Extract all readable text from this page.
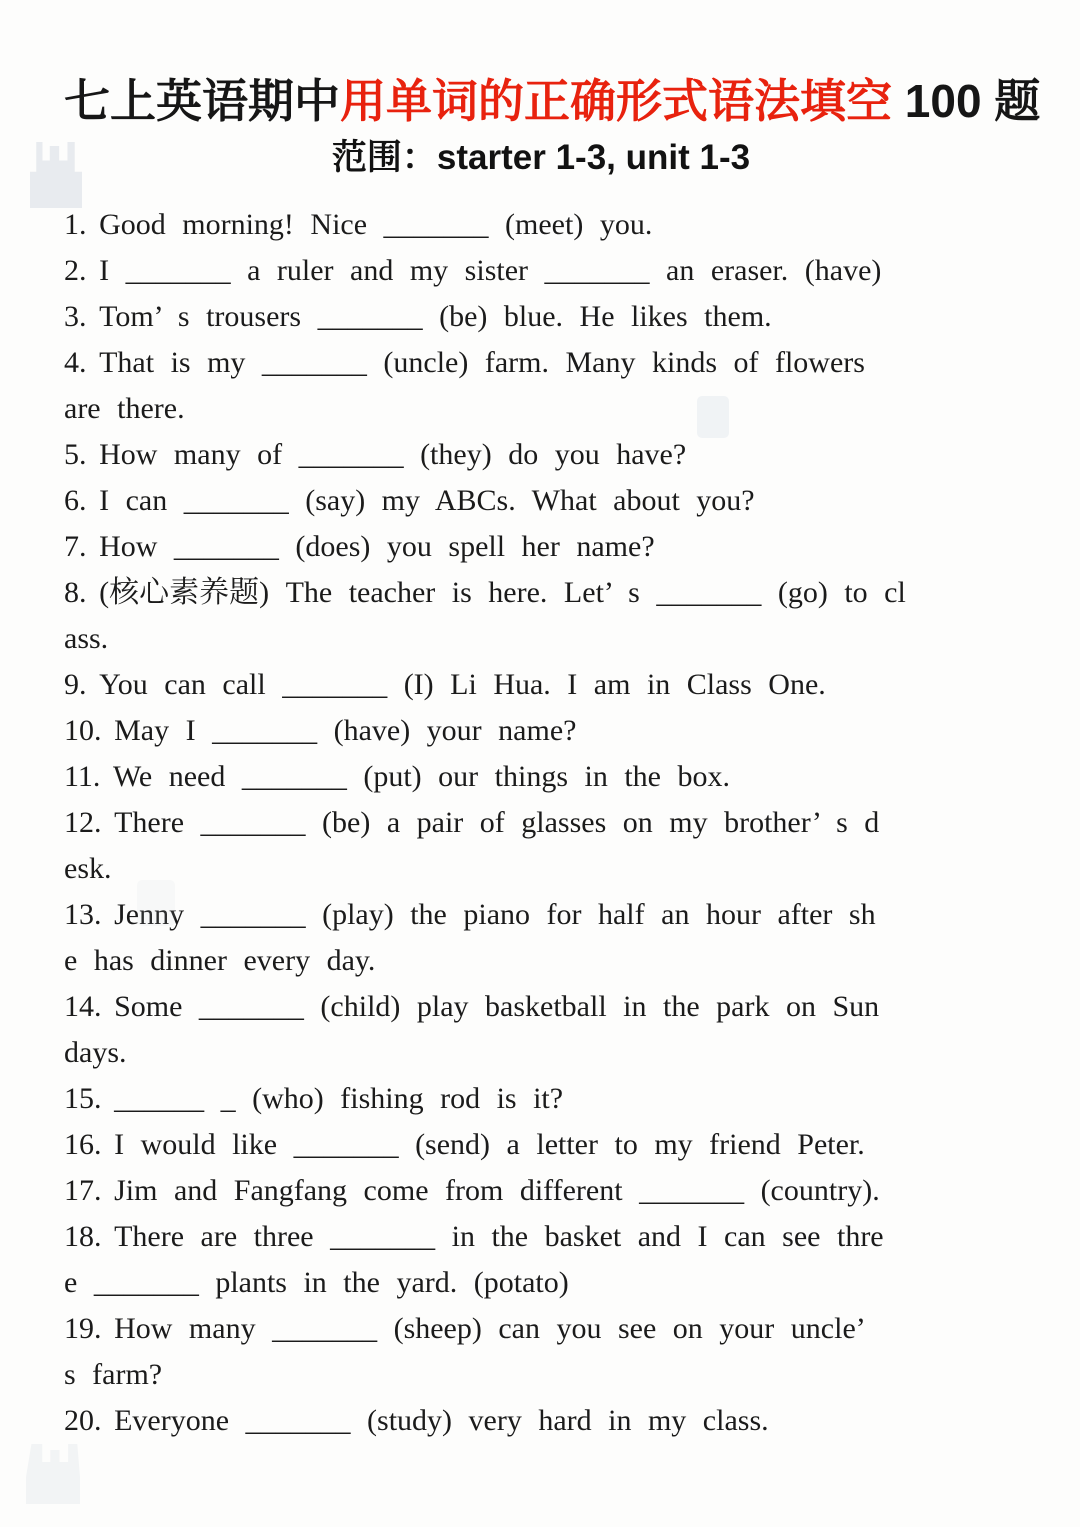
七上英语期中用单词的正确形式语法填空 100 题
范围：starter 1-3, unit 1-3
1. Good morning! Nice _______ (meet) you.
2. I _______ a ruler and my sister _______ an eraser. (have)
3. Tom’ s trousers _______ (be) blue. He likes them.
4. That is my _______ (uncle) farm. Many kinds of flowers
are there.
5. How many of _______ (they) do you have?
6. I can _______ (say) my ABCs. What about you?
7. How _______ (does) you spell her name?
8. (核心素养题) The teacher is here. Let’ s _______ (go) to cl
ass.
9. You can call _______ (I) Li Hua. I am in Class One.
10. May I _______ (have) your name?
11. We need _______ (put) our things in the box.
12. There _______ (be) a pair of glasses on my brother’ s d
esk.
13. Jenny _______ (play) the piano for half an hour after sh
e has dinner every day.
14. Some _______ (child) play basketball in the park on Sun
days.
15. ______ _ (who) fishing rod is it?
16. I would like _______ (send) a letter to my friend Peter.
17. Jim and Fangfang come from different _______ (country).
18. There are three _______ in the basket and I can see thre
e _______ plants in the yard. (potato)
19. How many _______ (sheep) can you see on your uncle’
s farm?
20. Everyone _______ (study) very hard in my class.
